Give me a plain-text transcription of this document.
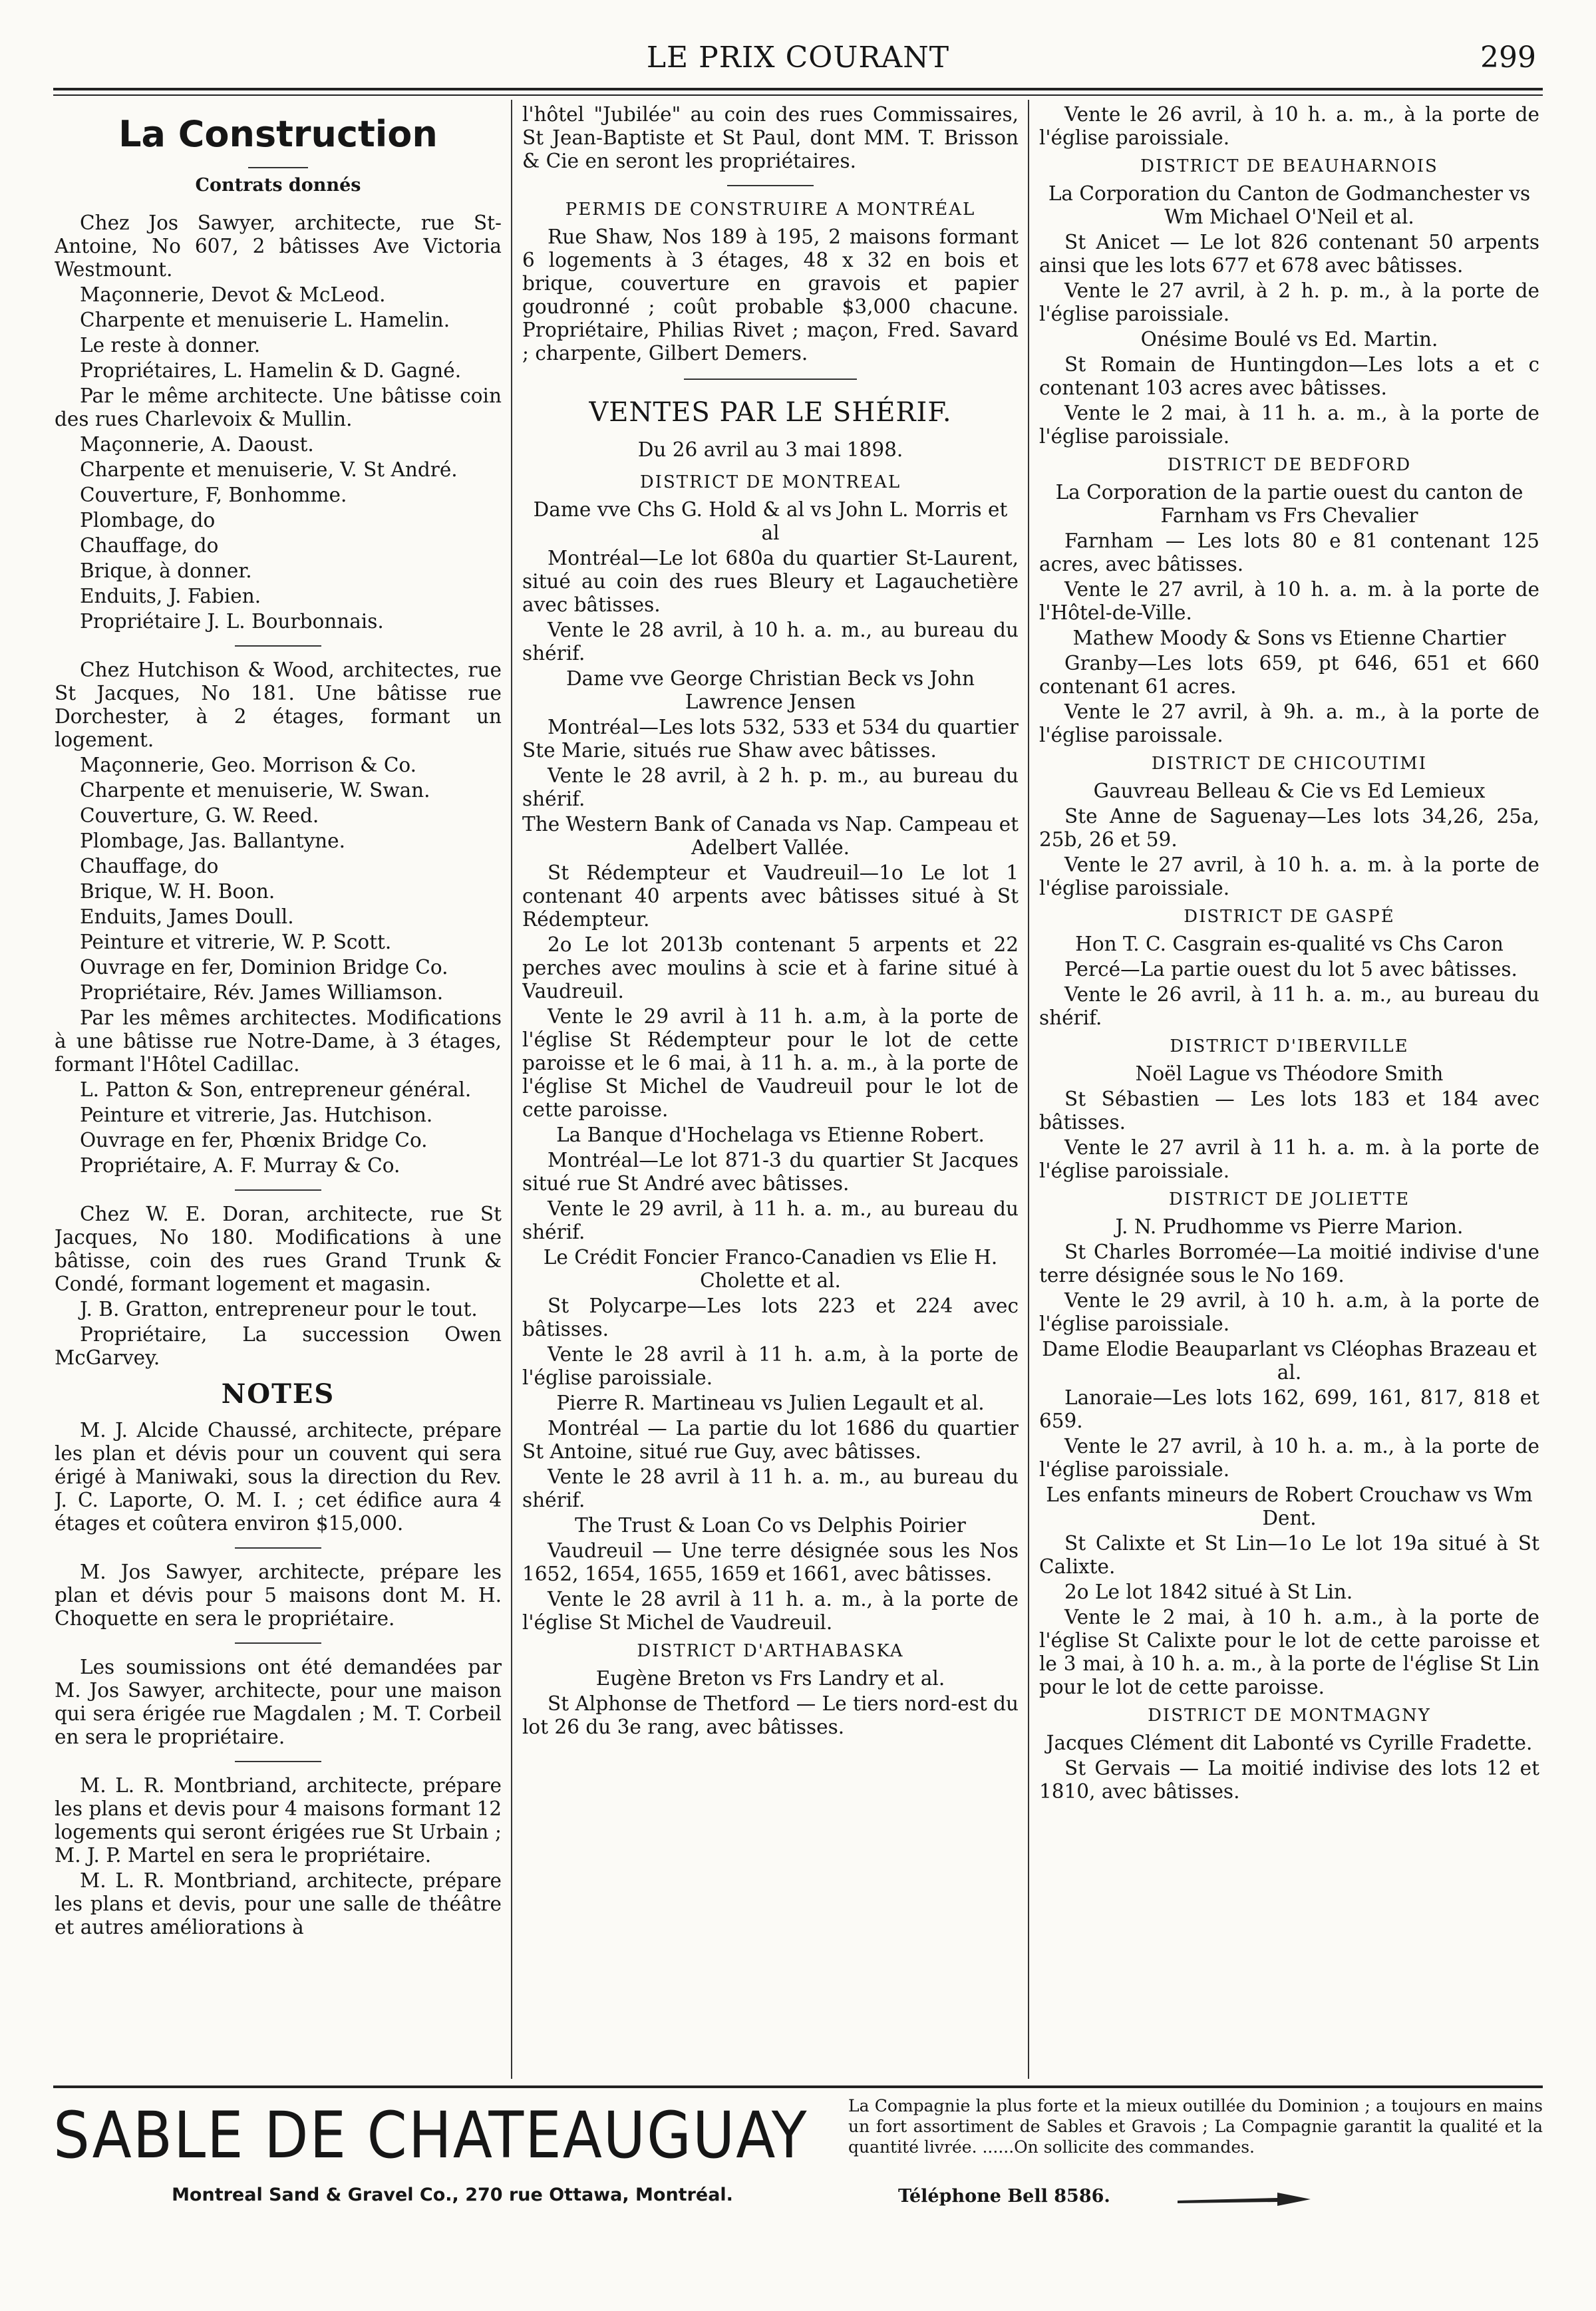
LE PRIX COURANT	299
La Construction
Contrats donnés

Chez Jos Sawyer, architecte, rue St-Antoine, No 607, 2 bâtisses Ave Victoria Westmount.

Maçonnerie, Devot & McLeod.

Charpente et menuiserie L. Hamelin.

Le reste à donner.

Propriétaires, L. Hamelin & D. Gagné.

Par le même architecte. Une bâtisse coin des rues Charlevoix & Mullin.

Maçonnerie, A. Daoust.

Charpente et menuiserie, V. St André.

Couverture, F, Bonhomme.

Plombage, do

Chauffage, do

Brique, à donner.

Enduits, J. Fabien.

Propriétaire J. L. Bourbonnais.

Chez Hutchison & Wood, architectes, rue St Jacques, No 181. Une bâtisse rue Dorchester, à 2 étages, formant un logement.

Maçonnerie, Geo. Morrison & Co.

Charpente et menuiserie, W. Swan.

Couverture, G. W. Reed.

Plombage, Jas. Ballantyne.

Chauffage, do

Brique, W. H. Boon.

Enduits, James Doull.

Peinture et vitrerie, W. P. Scott.

Ouvrage en fer, Dominion Bridge Co.

Propriétaire, Rév. James Williamson.

Par les mêmes architectes. Modifications à une bâtisse rue Notre-Dame, à 3 étages, formant l'Hôtel Cadillac.

L. Patton & Son, entrepreneur général.

Peinture et vitrerie, Jas. Hutchison.

Ouvrage en fer, Phœnix Bridge Co.

Propriétaire, A. F. Murray & Co.

Chez W. E. Doran, architecte, rue St Jacques, No 180. Modifications à une bâtisse, coin des rues Grand Trunk & Condé, formant logement et magasin.

J. B. Gratton, entrepreneur pour le tout.

Propriétaire, La succession Owen McGarvey.

NOTES

M. J. Alcide Chaussé, architecte, prépare les plan et dévis pour un couvent qui sera érigé à Maniwaki, sous la direction du Rev. J. C. Laporte, O. M. I. ; cet édifice aura 4 étages et coûtera environ $15,000.

M. Jos Sawyer, architecte, prépare les plan et dévis pour 5 maisons dont M. H. Choquette en sera le propriétaire.

Les soumissions ont été demandées par M. Jos Sawyer, architecte, pour une maison qui sera érigée rue Magdalen ; M. T. Corbeil en sera le propriétaire.

M. L. R. Montbriand, architecte, prépare les plans et devis pour 4 maisons formant 12 logements qui seront érigées rue St Urbain ; M. J. P. Martel en sera le propriétaire.

M. L. R. Montbriand, architecte, prépare les plans et devis, pour une salle de théâtre et autres améliorations à

l'hôtel "Jubilée" au coin des rues Commissaires, St Jean-Baptiste et St Paul, dont MM. T. Brisson & Cie en seront les propriétaires.

PERMIS DE CONSTRUIRE A MONTRÉAL

Rue Shaw, Nos 189 à 195, 2 maisons formant 6 logements à 3 étages, 48 x 32 en bois et brique, couverture en gravois et papier goudronné ; coût probable $3,000 chacune. Propriétaire, Philias Rivet ; maçon, Fred. Savard ; charpente, Gilbert Demers.

VENTES PAR LE SHÉRIF.

Du 26 avril au 3 mai 1898.

DISTRICT DE MONTREAL

Dame vve Chs G. Hold & al vs John L. Morris et al

Montréal—Le lot 680a du quartier St-Laurent, situé au coin des rues Bleury et Lagauchetière avec bâtisses.

Vente le 28 avril, à 10 h. a. m., au bureau du shérif.

Dame vve George Christian Beck vs John Lawrence Jensen

Montréal—Les lots 532, 533 et 534 du quartier Ste Marie, situés rue Shaw avec bâtisses.

Vente le 28 avril, à 2 h. p. m., au bureau du shérif.

The Western Bank of Canada vs Nap. Campeau et Adelbert Vallée.

St Rédempteur et Vaudreuil—1o Le lot 1 contenant 40 arpents avec bâtisses situé à St Rédempteur.

2o Le lot 2013b contenant 5 arpents et 22 perches avec moulins à scie et à farine situé à Vaudreuil.

Vente le 29 avril à 11 h. a.m, à la porte de l'église St Rédempteur pour le lot de cette paroisse et le 6 mai, à 11 h. a. m., à la porte de l'église St Michel de Vaudreuil pour le lot de cette paroisse.

La Banque d'Hochelaga vs Etienne Robert.

Montréal—Le lot 871-3 du quartier St Jacques situé rue St André avec bâtisses.

Vente le 29 avril, à 11 h. a. m., au bureau du shérif.

Le Crédit Foncier Franco-Canadien vs Elie H. Cholette et al.

St Polycarpe—Les lots 223 et 224 avec bâtisses.

Vente le 28 avril à 11 h. a.m, à la porte de l'église paroissiale.

Pierre R. Martineau vs Julien Legault et al.

Montréal — La partie du lot 1686 du quartier St Antoine, situé rue Guy, avec bâtisses.

Vente le 28 avril à 11 h. a. m., au bureau du shérif.

The Trust & Loan Co vs Delphis Poirier

Vaudreuil — Une terre désignée sous les Nos 1652, 1654, 1655, 1659 et 1661, avec bâtisses.

Vente le 28 avril à 11 h. a. m., à la porte de l'église St Michel de Vaudreuil.

DISTRICT D'ARTHABASKA

Eugène Breton vs Frs Landry et al.

St Alphonse de Thetford — Le tiers nord-est du lot 26 du 3e rang, avec bâtisses.

Vente le 26 avril, à 10 h. a. m., à la porte de l'église paroissiale.

DISTRICT DE BEAUHARNOIS

La Corporation du Canton de Godmanchester vs Wm Michael O'Neil et al.

St Anicet — Le lot 826 contenant 50 arpents ainsi que les lots 677 et 678 avec bâtisses.

Vente le 27 avril, à 2 h. p. m., à la porte de l'église paroissiale.

Onésime Boulé vs Ed. Martin.

St Romain de Huntingdon—Les lots a et c contenant 103 acres avec bâtisses.

Vente le 2 mai, à 11 h. a. m., à la porte de l'église paroissiale.

DISTRICT DE BEDFORD

La Corporation de la partie ouest du canton de Farnham vs Frs Chevalier

Farnham — Les lots 80 e 81 contenant 125 acres, avec bâtisses.

Vente le 27 avril, à 10 h. a. m. à la porte de l'Hôtel-de-Ville.

Mathew Moody & Sons vs Etienne Chartier

Granby—Les lots 659, pt 646, 651 et 660 contenant 61 acres.

Vente le 27 avril, à 9h. a. m., à la porte de l'église paroissale.

DISTRICT DE CHICOUTIMI

Gauvreau Belleau & Cie vs Ed Lemieux

Ste Anne de Saguenay—Les lots 34,26, 25a, 25b, 26 et 59.

Vente le 27 avril, à 10 h. a. m. à la porte de l'église paroissiale.

DISTRICT DE GASPÉ

Hon T. C. Casgrain es-qualité vs Chs Caron

Percé—La partie ouest du lot 5 avec bâtisses.

Vente le 26 avril, à 11 h. a. m., au bureau du shérif.

DISTRICT D'IBERVILLE

Noël Lague vs Théodore Smith

St Sébastien — Les lots 183 et 184 avec bâtisses.

Vente le 27 avril à 11 h. a. m. à la porte de l'église paroissiale.

DISTRICT DE JOLIETTE

J. N. Prudhomme vs Pierre Marion.

St Charles Borromée—La moitié indivise d'une terre désignée sous le No 169.

Vente le 29 avril, à 10 h. a.m, à la porte de l'église paroissiale.

Dame Elodie Beauparlant vs Cléophas Brazeau et al.

Lanoraie—Les lots 162, 699, 161, 817, 818 et 659.

Vente le 27 avril, à 10 h. a. m., à la porte de l'église paroissiale.

Les enfants mineurs de Robert Crouchaw vs Wm Dent.

St Calixte et St Lin—1o Le lot 19a situé à St Calixte.

2o Le lot 1842 situé à St Lin.

Vente le 2 mai, à 10 h. a.m., à la porte de l'église St Calixte pour le lot de cette paroisse et le 3 mai, à 10 h. a. m., à la porte de l'église St Lin pour le lot de cette paroisse.

DISTRICT DE MONTMAGNY

Jacques Clément dit Labonté vs Cyrille Fradette.

St Gervais — La moitié indivise des lots 12 et 1810, avec bâtisses.

SABLE DE CHATEAUGUAY
Montreal Sand & Gravel Co., 270 rue Ottawa, Montréal.
La Compagnie la plus forte et la mieux outillée du Dominion ; a toujours en mains un fort assortiment de Sables et Gravois ; La Compagnie garantit la qualité et la quantité livrée. ......On sollicite des commandes.
Téléphone Bell 8586.
